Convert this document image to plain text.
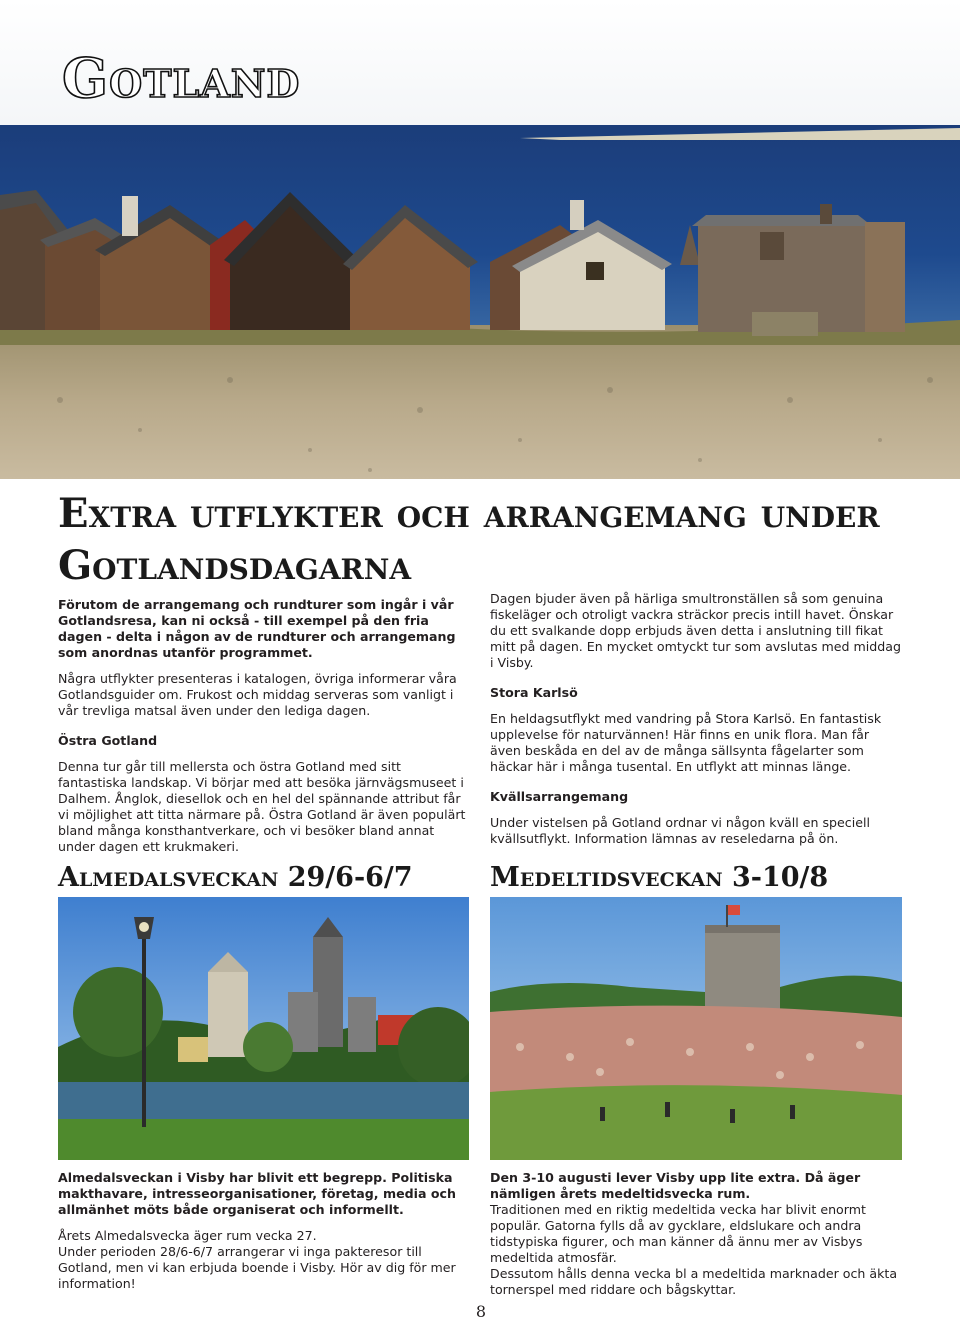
Gotland
Extra utflykter och arrangemang under Gotlandsdagarna

Förutom de arrangemang och rundturer som ingår i vår Gotlandsresa, kan ni också - till exempel på den fria dagen - delta i någon av de rundturer och arrangemang som anordnas utanför programmet.

Några utflykter presenteras i katalogen, övriga informerar våra Gotlandsguider om. Frukost och middag serveras som vanligt i vår trevliga matsal även under den lediga dagen.

Östra Gotland

Denna tur går till mellersta och östra Gotland med sitt fantastiska landskap. Vi börjar med att besöka järnvägsmuseet i Dalhem. Ånglok, diesellok och en hel del spännande attribut får vi möjlighet att titta närmare på. Östra Gotland är även populärt bland många konsthantverkare, och vi besöker bland annat under dagen ett krukmakeri.

Dagen bjuder även på härliga smultronställen så som genuina fiskeläger och otroligt vackra sträckor precis intill havet. Önskar du ett svalkande dopp erbjuds även detta i anslutning till fikat mitt på dagen. En mycket omtyckt tur som avslutas med middag i Visby.

Stora Karlsö

En heldagsutflykt med vandring på Stora Karlsö. En fantastisk upplevelse för naturvännen! Här finns en unik flora. Man får även beskåda en del av de många sällsynta fågelarter som häckar här i många tusental. En utflykt att minnas länge.

Kvällsarrangemang

Under vistelsen på Gotland ordnar vi någon kväll en speciell kvällsutflykt. Information lämnas av reseledarna på ön.

Almedalsveckan 29/6-6/7	Medeltidsveckan 3-10/8

Almedalsveckan i Visby har blivit ett begrepp. Politiska makthavare, intresseorganisationer, företag, media och allmänhet möts både organiserat och informellt.

Årets Almedalsvecka äger rum vecka 27.

Under perioden 28/6-6/7 arrangerar vi inga pakteresor till Gotland, men vi kan erbjuda boende i Visby. Hör av dig för mer information!

Den 3-10 augusti lever Visby upp lite extra. Då äger nämligen årets medeltidsvecka rum.

Traditionen med en riktig medeltida vecka har blivit enormt populär. Gatorna fylls då av gycklare, eldslukare och andra tidstypiska figurer, och man känner då ännu mer av Visbys medeltida atmosfär.

Dessutom hålls denna vecka bl a medeltida marknader och äkta tornerspel med riddare och bågskyttar.

8
